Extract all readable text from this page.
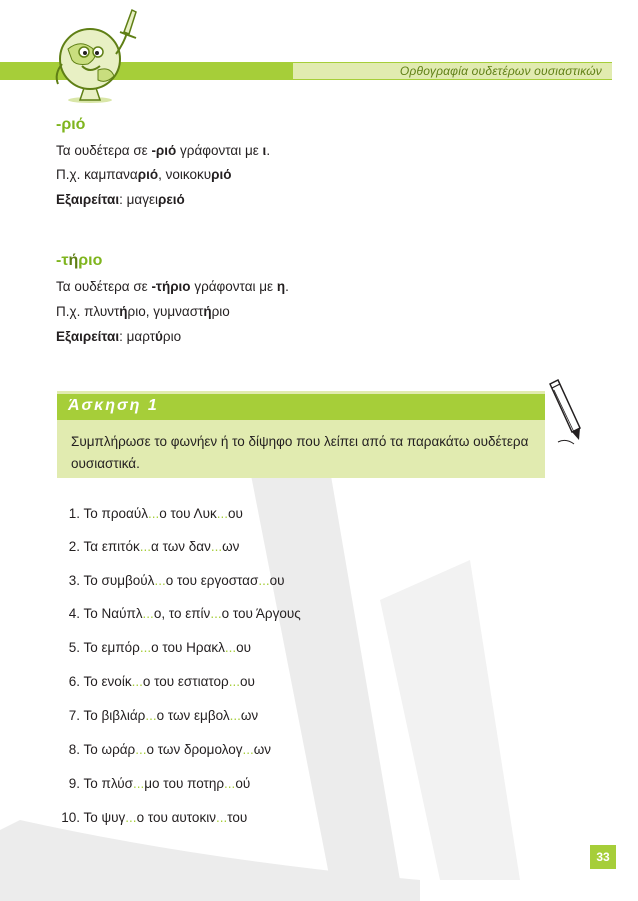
Ορθογραφία ουδετέρων ουσιαστικών
-ριό
Τα ουδέτερα σε -ριό γράφονται με ι.
Π.χ. καμπαναριό, νοικοκυριό
Εξαιρείται: μαγειρειό
-τήριο
Τα ουδέτερα σε -τήριο γράφονται με η.
Π.χ. πλυντήριο, γυμναστήριο
Εξαιρείται: μαρτύριο
Άσκηση 1
Συμπλήρωσε το φωνήεν ή το δίψηφο που λείπει από τα παρακάτω ουδέτερα ουσιαστικά.
1. Το προαύλ...ο του Λυκ...ου
2. Τα επιτόκ...α των δαν...ων
3. Το συμβούλ...ο του εργοστασ...ου
4. Το Ναύπλ...ο, το επίν...ο του Άργους
5. Το εμπόρ...ο του Ηρακλ...ου
6. Το ενοίκ...ο του εστιατορ...ου
7. Το βιβλιάρ...ο των εμβολ...ων
8. Το ωράρ...ο των δρομολογ...ων
9. Το πλύσ...μο του ποτηρ...ού
10. Το ψυγ...ο του αυτοκιν...του
33
